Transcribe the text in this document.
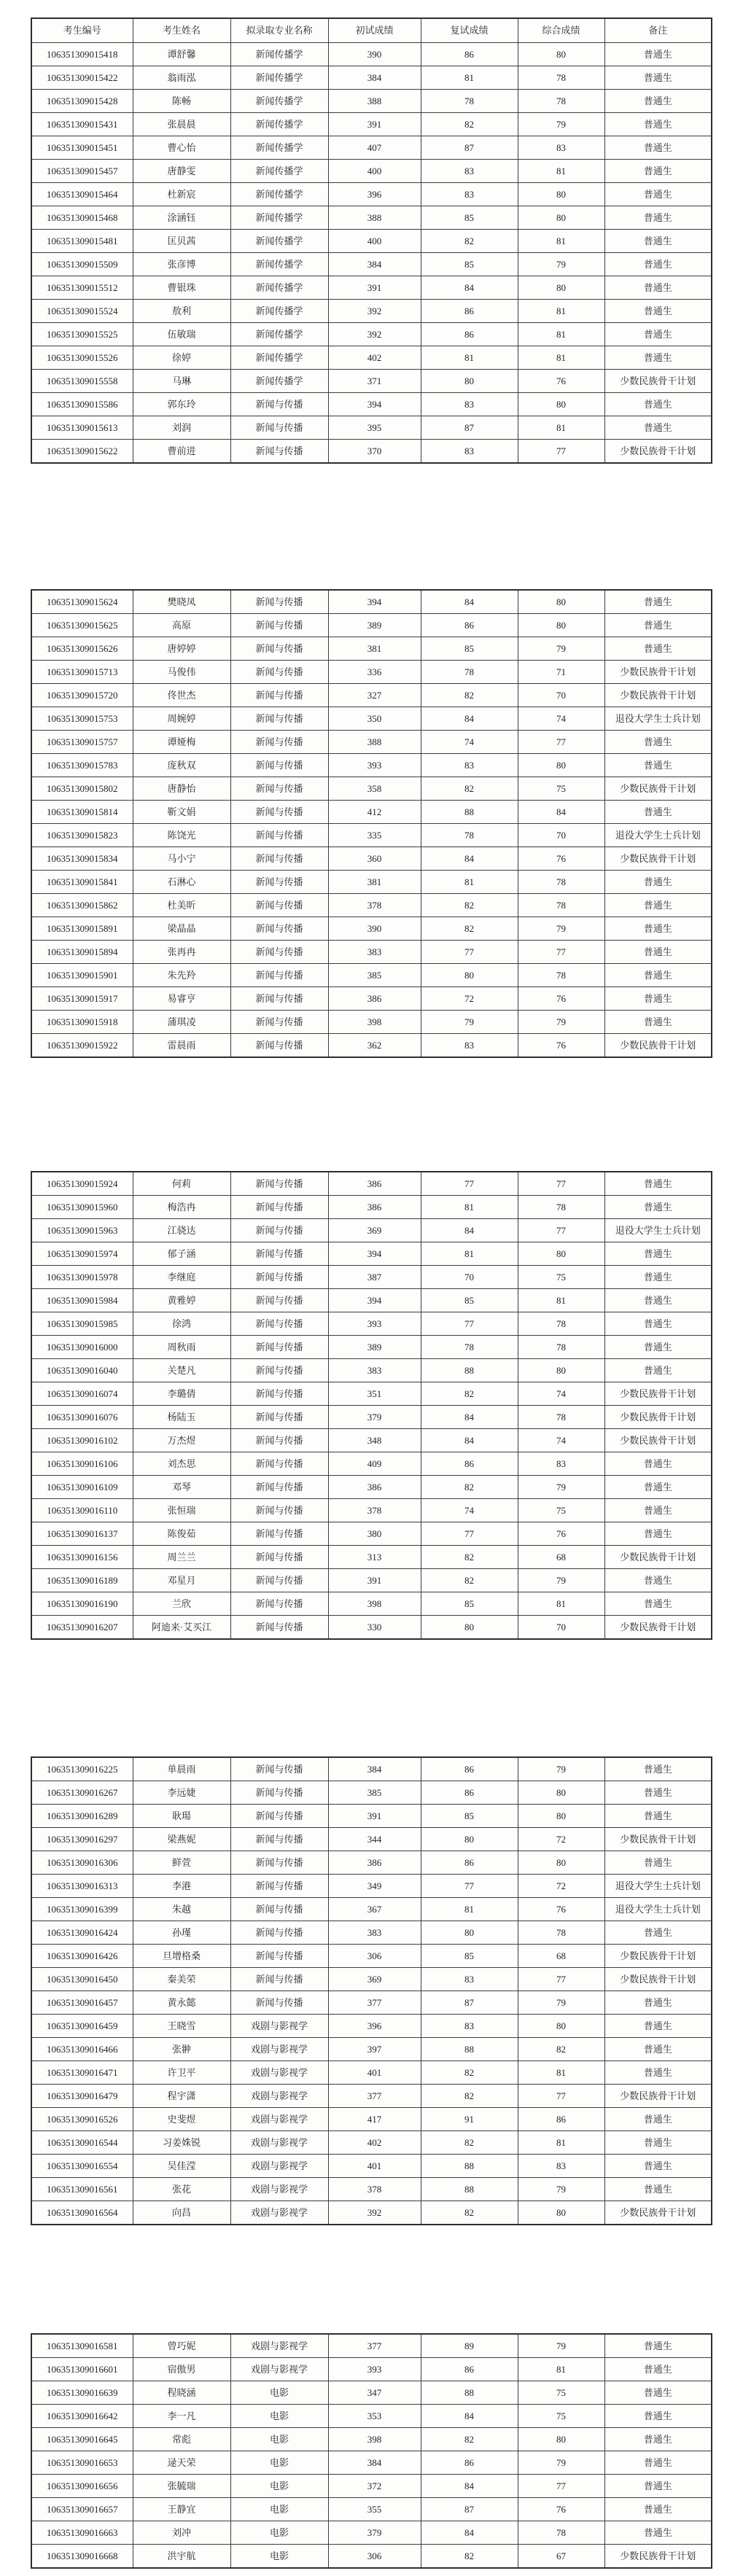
考生编号	考生姓名	拟录取专业名称	初试成绩	复试成绩	综合成绩	备注
106351309015418	谭舒馨	新闻传播学	390	86	80	普通生
106351309015422	翁雨泓	新闻传播学	384	81	78	普通生
106351309015428	陈畅	新闻传播学	388	78	78	普通生
106351309015431	张晨晨	新闻传播学	391	82	79	普通生
106351309015451	曹心怡	新闻传播学	407	87	83	普通生
106351309015457	唐静雯	新闻传播学	400	83	81	普通生
106351309015464	杜新宸	新闻传播学	396	83	80	普通生
106351309015468	涂涵钰	新闻传播学	388	85	80	普通生
106351309015481	匡贝茜	新闻传播学	400	82	81	普通生
106351309015509	张彦博	新闻传播学	384	85	79	普通生
106351309015512	曹银珠	新闻传播学	391	84	80	普通生
106351309015524	敖利	新闻传播学	392	86	81	普通生
106351309015525	伍敏瑞	新闻传播学	392	86	81	普通生
106351309015526	徐婷	新闻传播学	402	81	81	普通生
106351309015558	马琳	新闻传播学	371	80	76	少数民族骨干计划
106351309015586	郭东玲	新闻与传播	394	83	80	普通生
106351309015613	刘润	新闻与传播	395	87	81	普通生
106351309015622	曹前进	新闻与传播	370	83	77	少数民族骨干计划
106351309015624	樊晓凤	新闻与传播	394	84	80	普通生
106351309015625	高原	新闻与传播	389	86	80	普通生
106351309015626	唐婷婷	新闻与传播	381	85	79	普通生
106351309015713	马俊伟	新闻与传播	336	78	71	少数民族骨干计划
106351309015720	佟世杰	新闻与传播	327	82	70	少数民族骨干计划
106351309015753	周婉婷	新闻与传播	350	84	74	退役大学生士兵计划
106351309015757	谭娅梅	新闻与传播	388	74	77	普通生
106351309015783	庞秋双	新闻与传播	393	83	80	普通生
106351309015802	唐静怡	新闻与传播	358	82	75	少数民族骨干计划
106351309015814	靳文娟	新闻与传播	412	88	84	普通生
106351309015823	陈饶光	新闻与传播	335	78	70	退役大学生士兵计划
106351309015834	马小宁	新闻与传播	360	84	76	少数民族骨干计划
106351309015841	石淋心	新闻与传播	381	81	78	普通生
106351309015862	杜美昕	新闻与传播	378	82	78	普通生
106351309015891	梁晶晶	新闻与传播	390	82	79	普通生
106351309015894	张再冉	新闻与传播	383	77	77	普通生
106351309015901	朱先羚	新闻与传播	385	80	78	普通生
106351309015917	易睿亨	新闻与传播	386	72	76	普通生
106351309015918	蒲琪凌	新闻与传播	398	79	79	普通生
106351309015922	雷晨雨	新闻与传播	362	83	76	少数民族骨干计划
106351309015924	何莉	新闻与传播	386	77	77	普通生
106351309015960	梅浩冉	新闻与传播	386	81	78	普通生
106351309015963	江骁达	新闻与传播	369	84	77	退役大学生士兵计划
106351309015974	郁子涵	新闻与传播	394	81	80	普通生
106351309015978	李继庭	新闻与传播	387	70	75	普通生
106351309015984	黄雅婷	新闻与传播	394	85	81	普通生
106351309015985	徐鸿	新闻与传播	393	77	78	普通生
106351309016000	周秋雨	新闻与传播	389	78	78	普通生
106351309016040	关楚凡	新闻与传播	383	88	80	普通生
106351309016074	李璐倩	新闻与传播	351	82	74	少数民族骨干计划
106351309016076	杨陆玉	新闻与传播	379	84	78	少数民族骨干计划
106351309016102	万杰煜	新闻与传播	348	84	74	少数民族骨干计划
106351309016106	刘杰思	新闻与传播	409	86	83	普通生
106351309016109	邓琴	新闻与传播	386	82	79	普通生
106351309016110	张恒瑞	新闻与传播	378	74	75	普通生
106351309016137	陈俊茹	新闻与传播	380	77	76	普通生
106351309016156	周兰兰	新闻与传播	313	82	68	少数民族骨干计划
106351309016189	邓星月	新闻与传播	391	82	79	普通生
106351309016190	兰欣	新闻与传播	398	85	81	普通生
106351309016207	阿迪来·艾买江	新闻与传播	330	80	70	少数民族骨干计划
106351309016225	单晨雨	新闻与传播	384	86	79	普通生
106351309016267	李远婕	新闻与传播	385	86	80	普通生
106351309016289	耿瑒	新闻与传播	391	85	80	普通生
106351309016297	梁燕妮	新闻与传播	344	80	72	少数民族骨干计划
106351309016306	鲜萱	新闻与传播	386	86	80	普通生
106351309016313	李港	新闻与传播	349	77	72	退役大学生士兵计划
106351309016399	朱越	新闻与传播	367	81	76	退役大学生士兵计划
106351309016424	孙瑾	新闻与传播	383	80	78	普通生
106351309016426	旦增格桑	新闻与传播	306	85	68	少数民族骨干计划
106351309016450	秦美荣	新闻与传播	369	83	77	少数民族骨干计划
106351309016457	黄永懿	新闻与传播	377	87	79	普通生
106351309016459	王晓雪	戏剧与影视学	396	83	80	普通生
106351309016466	张翀	戏剧与影视学	397	88	82	普通生
106351309016471	许卫平	戏剧与影视学	401	82	81	普通生
106351309016479	程宇潇	戏剧与影视学	377	82	77	少数民族骨干计划
106351309016526	史斐煜	戏剧与影视学	417	91	86	普通生
106351309016544	习姜姝锐	戏剧与影视学	402	82	81	普通生
106351309016554	吴佳滢	戏剧与影视学	401	88	83	普通生
106351309016561	张花	戏剧与影视学	378	88	79	普通生
106351309016564	向昌	戏剧与影视学	392	82	80	少数民族骨干计划
106351309016581	曾巧妮	戏剧与影视学	377	89	79	普通生
106351309016601	宿傲男	戏剧与影视学	393	86	81	普通生
106351309016639	程晓涵	电影	347	88	75	普通生
106351309016642	李一凡	电影	353	84	75	普通生
106351309016645	常彪	电影	398	82	80	普通生
106351309016653	逯天荣	电影	384	86	79	普通生
106351309016656	张毓瑞	电影	372	84	77	普通生
106351309016657	王静宜	电影	355	87	76	普通生
106351309016663	刘冲	电影	379	84	78	普通生
106351309016668	洪宇航	电影	306	82	67	少数民族骨干计划
